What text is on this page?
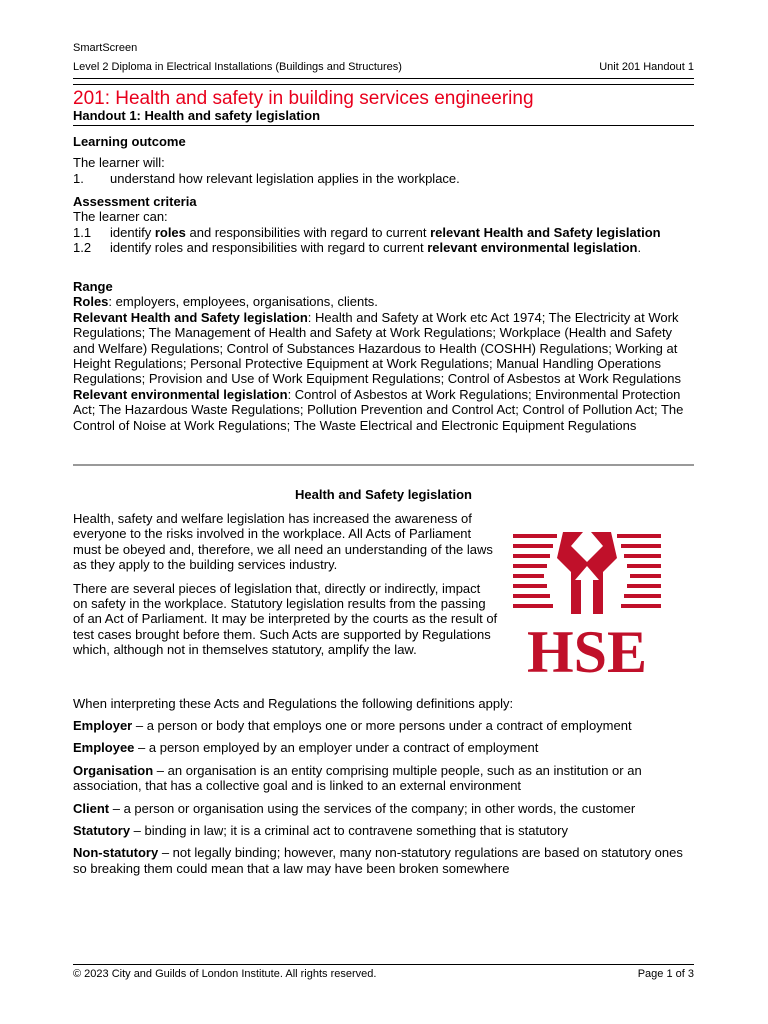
SmartScreen
Level 2 Diploma in Electrical Installations (Buildings and Structures)	Unit 201 Handout 1
201: Health and safety in building services engineering
Handout 1: Health and safety legislation
Learning outcome
The learner will:
1.	understand how relevant legislation applies in the workplace.
Assessment criteria
The learner can:
1.1	identify roles and responsibilities with regard to current relevant Health and Safety legislation
1.2	identify roles and responsibilities with regard to current relevant environmental legislation.
Range
Roles: employers, employees, organisations, clients.
Relevant Health and Safety legislation: Health and Safety at Work etc Act 1974; The Electricity at Work Regulations; The Management of Health and Safety at Work Regulations; Workplace (Health and Safety and Welfare) Regulations; Control of Substances Hazardous to Health (COSHH) Regulations; Working at Height Regulations; Personal Protective Equipment at Work Regulations; Manual Handling Operations Regulations; Provision and Use of Work Equipment Regulations; Control of Asbestos at Work Regulations
Relevant environmental legislation: Control of Asbestos at Work Regulations; Environmental Protection Act; The Hazardous Waste Regulations; Pollution Prevention and Control Act; Control of Pollution Act; The Control of Noise at Work Regulations; The Waste Electrical and Electronic Equipment Regulations
Health and Safety legislation

Health, safety and welfare legislation has increased the awareness of everyone to the risks involved in the workplace. All Acts of Parliament must be obeyed and, therefore, we all need an understanding of the laws as they apply to the building services industry.

There are several pieces of legislation that, directly or indirectly, impact on safety in the workplace. Statutory legislation results from the passing of an Act of Parliament. It may be interpreted by the courts as the result of test cases brought before them. Such Acts are supported by Regulations which, although not in themselves statutory, amplify the law.	HSE
When interpreting these Acts and Regulations the following definitions apply:

Employer – a person or body that employs one or more persons under a contract of employment

Employee – a person employed by an employer under a contract of employment

Organisation – an organisation is an entity comprising multiple people, such as an institution or an association, that has a collective goal and is linked to an external environment

Client – a person or organisation using the services of the company; in other words, the customer

Statutory – binding in law; it is a criminal act to contravene something that is statutory

Non-statutory – not legally binding; however, many non-statutory regulations are based on statutory ones so breaking them could mean that a law may have been broken somewhere

© 2023 City and Guilds of London Institute. All rights reserved.	Page 1 of 3
